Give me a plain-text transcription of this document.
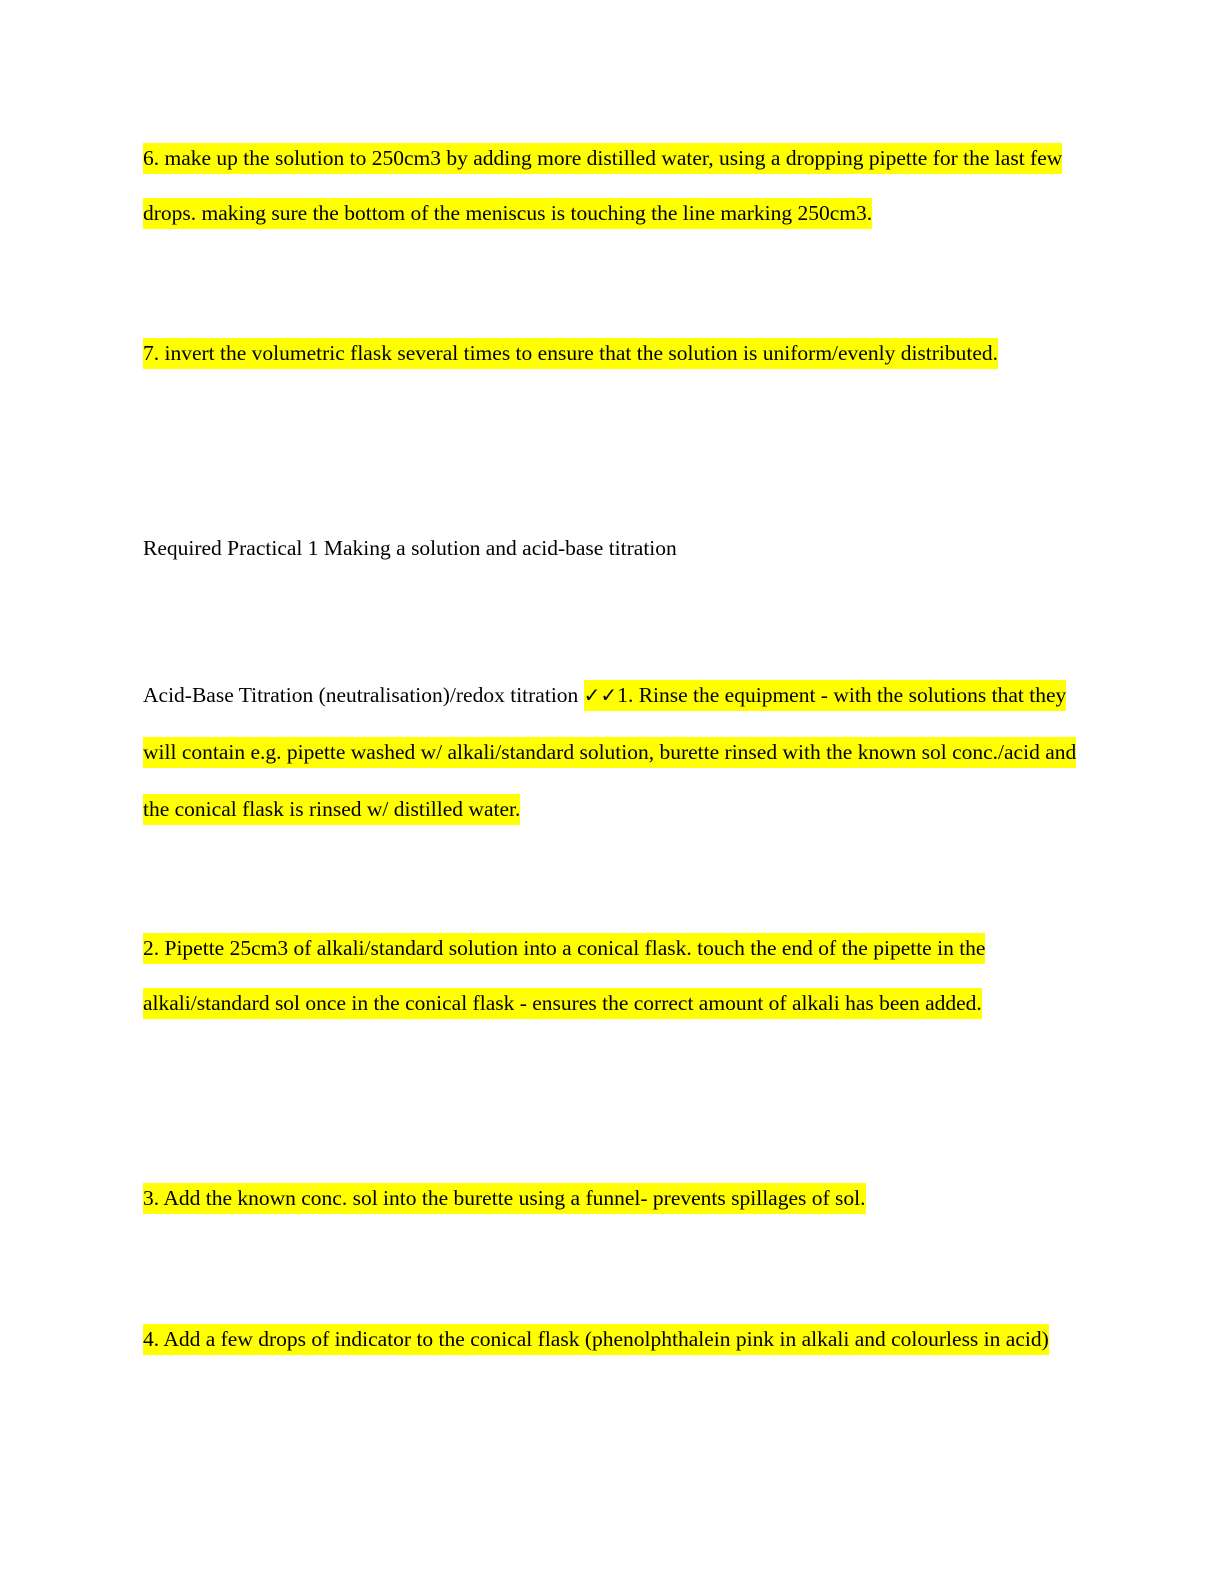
6. make up the solution to 250cm3 by adding more distilled water, using a dropping pipette for the last few drops. making sure the bottom of the meniscus is touching the line marking 250cm3.

7. invert the volumetric flask several times to ensure that the solution is uniform/evenly distributed.

Required Practical 1 Making a solution and acid-base titration

Acid-Base Titration (neutralisation)/redox titration ✓✓1. Rinse the equipment - with the solutions that they will contain e.g. pipette washed w/ alkali/standard solution, burette rinsed with the known sol conc./acid and the conical flask is rinsed w/ distilled water.

2. Pipette 25cm3 of alkali/standard solution into a conical flask. touch the end of the pipette in the alkali/standard sol once in the conical flask - ensures the correct amount of alkali has been added.

3. Add the known conc. sol into the burette using a funnel- prevents spillages of sol.

4. Add a few drops of indicator to the conical flask (phenolphthalein pink in alkali and colourless in acid)
